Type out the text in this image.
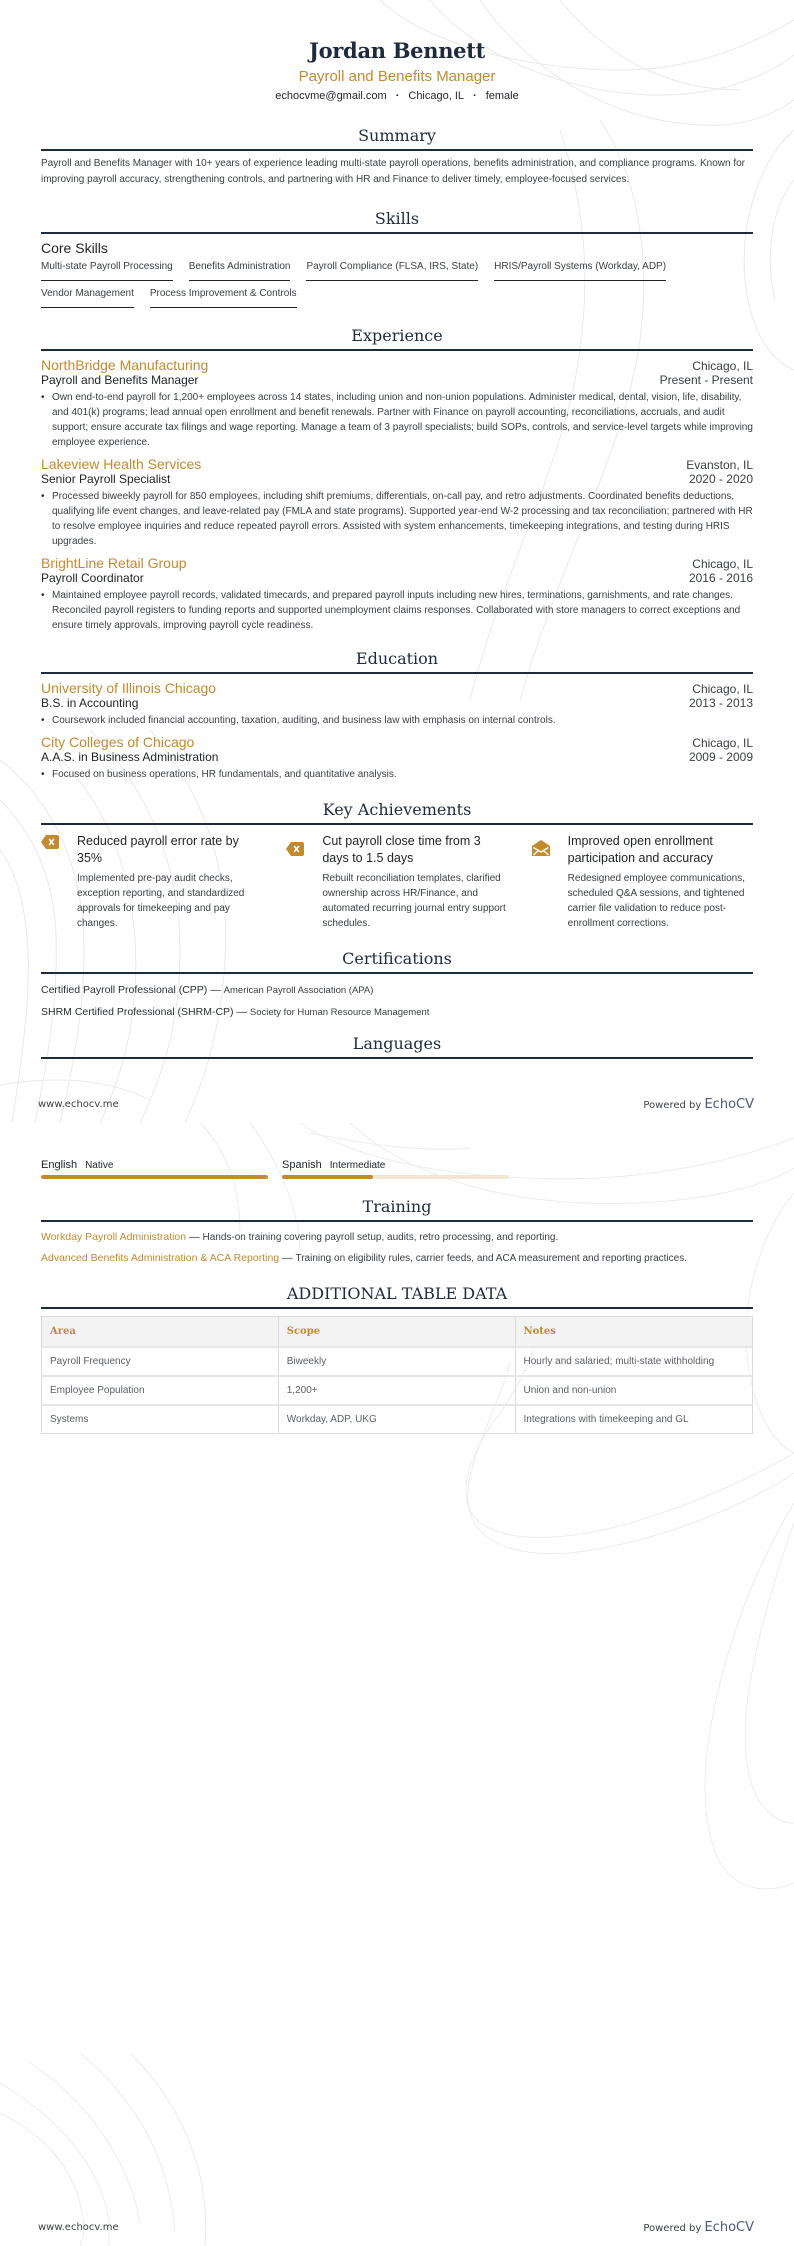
Jordan Bennett
Payroll and Benefits Manager
echocvme@gmail.com · Chicago, IL · female
Summary

Payroll and Benefits Manager with 10+ years of experience leading multi-state payroll operations, benefits administration, and compliance programs. Known for improving payroll accuracy, strengthening controls, and partnering with HR and Finance to deliver timely, employee-focused services.

Skills
Core Skills
Multi-state Payroll Processing Benefits Administration Payroll Compliance (FLSA, IRS, State) HRIS/Payroll Systems (Workday, ADP)
Vendor Management Process Improvement & Controls
Experience
NorthBridge Manufacturing	Chicago, IL
Payroll and Benefits Manager	Present - Present
• Own end-to-end payroll for 1,200+ employees across 14 states, including union and non-union populations. Administer medical, dental, vision, life, disability, and 401(k) programs; lead annual open enrollment and benefit renewals. Partner with Finance on payroll accounting, reconciliations, accruals, and audit support; ensure accurate tax filings and wage reporting. Manage a team of 3 payroll specialists; build SOPs, controls, and service-level targets while improving employee experience.
Lakeview Health Services	Evanston, IL
Senior Payroll Specialist	2020 - 2020
• Processed biweekly payroll for 850 employees, including shift premiums, differentials, on-call pay, and retro adjustments. Coordinated benefits deductions, qualifying life event changes, and leave-related pay (FMLA and state programs). Supported year-end W-2 processing and tax reconciliation; partnered with HR to resolve employee inquiries and reduce repeated payroll errors. Assisted with system enhancements, timekeeping integrations, and testing during HRIS upgrades.
BrightLine Retail Group	Chicago, IL
Payroll Coordinator	2016 - 2016
• Maintained employee payroll records, validated timecards, and prepared payroll inputs including new hires, terminations, garnishments, and rate changes. Reconciled payroll registers to funding reports and supported unemployment claims responses. Collaborated with store managers to correct exceptions and ensure timely approvals, improving payroll cycle readiness.
Education
University of Illinois Chicago	Chicago, IL
B.S. in Accounting	2013 - 2013
• Coursework included financial accounting, taxation, auditing, and business law with emphasis on internal controls.
City Colleges of Chicago	Chicago, IL
A.A.S. in Business Administration	2009 - 2009
• Focused on business operations, HR fundamentals, and quantitative analysis.
Key Achievements
Reduced payroll error rate by 35%
Implemented pre-pay audit checks, exception reporting, and standardized approvals for timekeeping and pay changes.
Cut payroll close time from 3 days to 1.5 days
Rebuilt reconciliation templates, clarified ownership across HR/Finance, and automated recurring journal entry support schedules.
Improved open enrollment participation and accuracy
Redesigned employee communications, scheduled Q&A sessions, and tightened carrier file validation to reduce post-enrollment corrections.
Certifications
Certified Payroll Professional (CPP) — American Payroll Association (APA)
SHRM Certified Professional (SHRM-CP) — Society for Human Resource Management
Languages
www.echocv.me	Powered by EchoCV
English Native	Spanish Intermediate
Training
Workday Payroll Administration — Hands-on training covering payroll setup, audits, retro processing, and reporting.
Advanced Benefits Administration & ACA Reporting — Training on eligibility rules, carrier feeds, and ACA measurement and reporting practices.
ADDITIONAL TABLE DATA
Area	Scope	Notes
Payroll Frequency	Biweekly	Hourly and salaried; multi-state withholding
Employee Population	1,200+	Union and non-union
Systems	Workday, ADP, UKG	Integrations with timekeeping and GL
www.echocv.me	Powered by EchoCV
